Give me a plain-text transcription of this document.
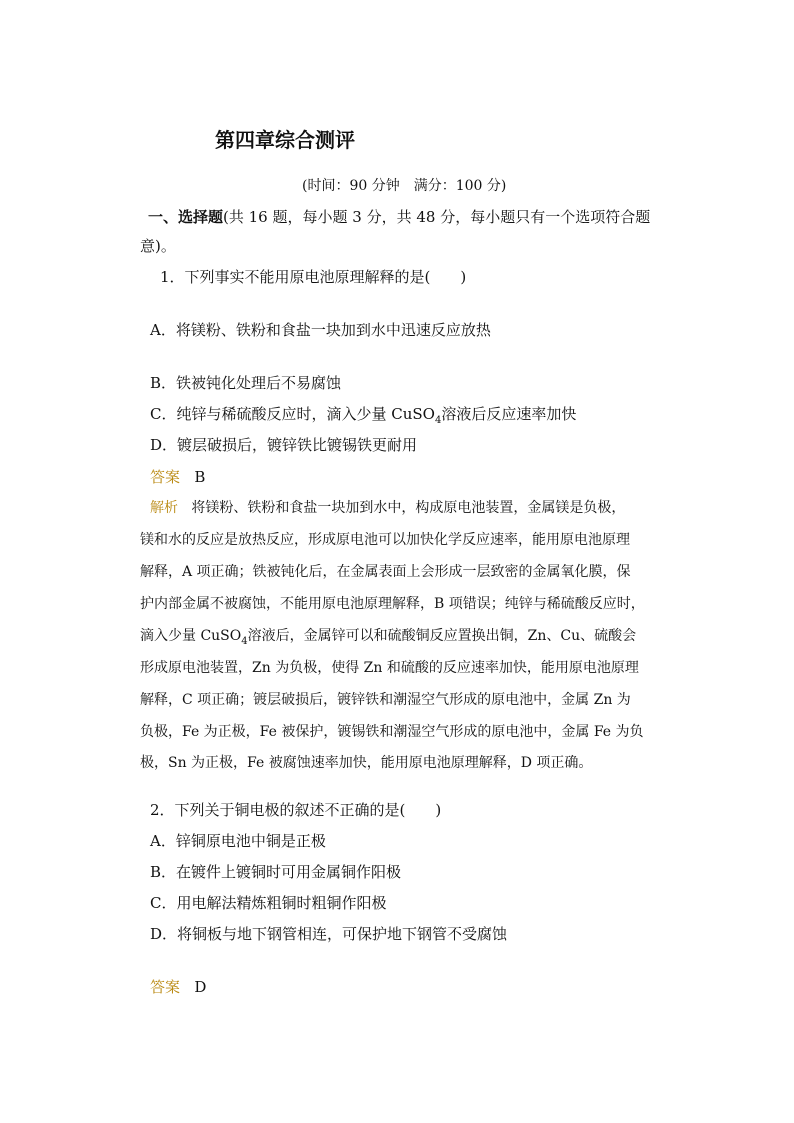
第四章综合测评
(时间：90 分钟　满分：100 分)
一、选择题(共 16 题，每小题 3 分，共 48 分，每小题只有一个选项符合题
意)。
1．下列事实不能用原电池原理解释的是(　　)
A．将镁粉、铁粉和食盐一块加到水中迅速反应放热
B．铁被钝化处理后不易腐蚀
C．纯锌与稀硫酸反应时，滴入少量 CuSO$_4$溶液后反应速率加快
D．镀层破损后，镀锌铁比镀锡铁更耐用
答案 B
解析 将镁粉、铁粉和食盐一块加到水中，构成原电池装置，金属镁是负极，
镁和水的反应是放热反应，形成原电池可以加快化学反应速率，能用原电池原理
解释，A 项正确；铁被钝化后，在金属表面上会形成一层致密的金属氧化膜，保
护内部金属不被腐蚀，不能用原电池原理解释，B 项错误；纯锌与稀硫酸反应时，
滴入少量 CuSO$_4$溶液后，金属锌可以和硫酸铜反应置换出铜，Zn、Cu、硫酸会
形成原电池装置，Zn 为负极，使得 Zn 和硫酸的反应速率加快，能用原电池原理
解释，C 项正确；镀层破损后，镀锌铁和潮湿空气形成的原电池中，金属 Zn 为
负极，Fe 为正极，Fe 被保护，镀锡铁和潮湿空气形成的原电池中，金属 Fe 为负
极，Sn 为正极，Fe 被腐蚀速率加快，能用原电池原理解释，D 项正确。
2．下列关于铜电极的叙述不正确的是(　　)
A．锌铜原电池中铜是正极
B．在镀件上镀铜时可用金属铜作阳极
C．用电解法精炼粗铜时粗铜作阳极
D．将铜板与地下钢管相连，可保护地下钢管不受腐蚀
答案 D
